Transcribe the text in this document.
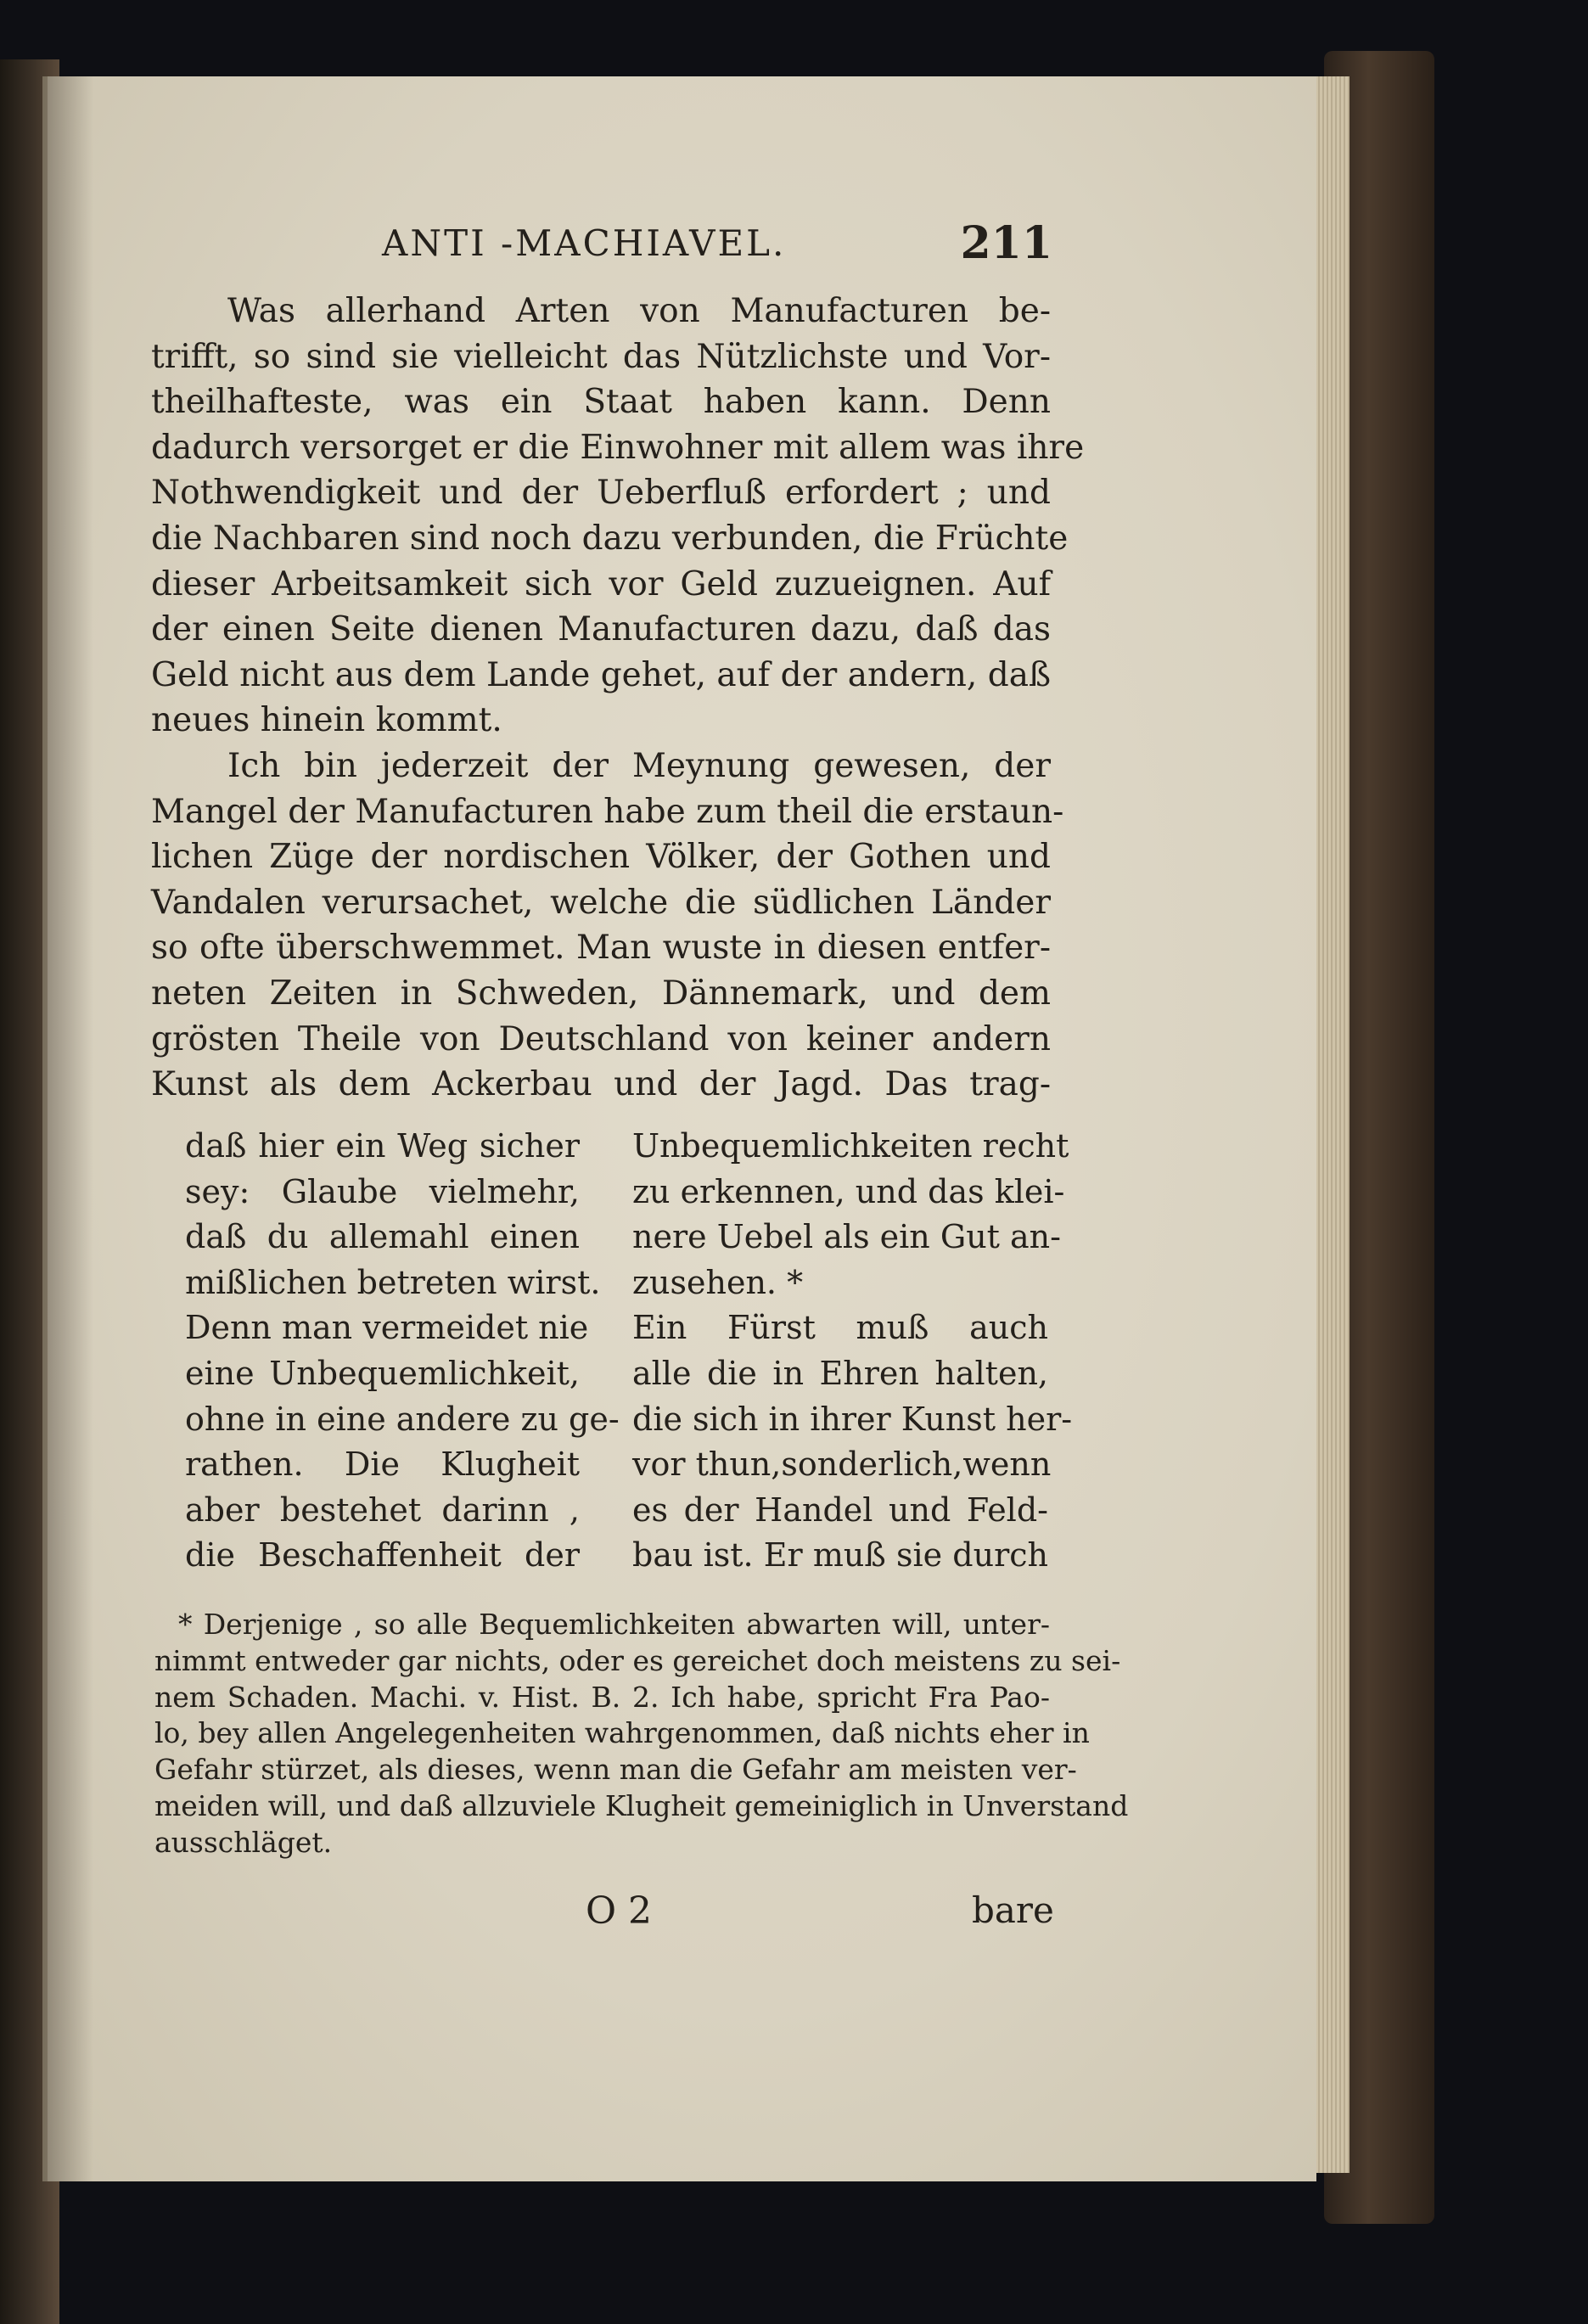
ANTI -MACHIAVEL.	211
Was allerhand Arten von Manufacturen be-
trifft, so sind sie vielleicht das Nützlichste und Vor-
theilhafteste, was ein Staat haben kann. Denn
dadurch versorget er die Einwohner mit allem was ihre
Nothwendigkeit und der Ueberfluß erfordert ; und
die Nachbaren sind noch dazu verbunden, die Früchte
dieser Arbeitsamkeit sich vor Geld zuzueignen. Auf
der einen Seite dienen Manufacturen dazu, daß das
Geld nicht aus dem Lande gehet, auf der andern, daß
neues hinein kommt.
Ich bin jederzeit der Meynung gewesen, der
Mangel der Manufacturen habe zum theil die erstaun-
lichen Züge der nordischen Völker, der Gothen und
Vandalen verursachet, welche die südlichen Länder
so ofte überschwemmet. Man wuste in diesen entfer-
neten Zeiten in Schweden, Dännemark, und dem
grösten Theile von Deutschland von keiner andern
Kunst als dem Ackerbau und der Jagd. Das trag-
daß hier ein Weg sicher
sey: Glaube vielmehr,
daß du allemahl einen
mißlichen betreten wirst.
Denn man vermeidet nie
eine Unbequemlichkeit,
ohne in eine andere zu ge-
rathen. Die Klugheit
aber bestehet darinn ,
die Beschaffenheit der
Unbequemlichkeiten recht
zu erkennen, und das klei-
nere Uebel als ein Gut an-
zusehen. *
Ein Fürst muß auch
alle die in Ehren halten,
die sich in ihrer Kunst her-
vor thun,sonderlich,wenn
es der Handel und Feld-
bau ist. Er muß sie durch
* Derjenige , so alle Bequemlichkeiten abwarten will, unter-
nimmt entweder gar nichts, oder es gereichet doch meistens zu sei-
nem Schaden. Machi. v. Hist. B. 2. Ich habe, spricht Fra Pao-
lo, bey allen Angelegenheiten wahrgenommen, daß nichts eher in
Gefahr stürzet, als dieses, wenn man die Gefahr am meisten ver-
meiden will, und daß allzuviele Klugheit gemeiniglich in Unverstand
ausschläget.
O 2	bare
